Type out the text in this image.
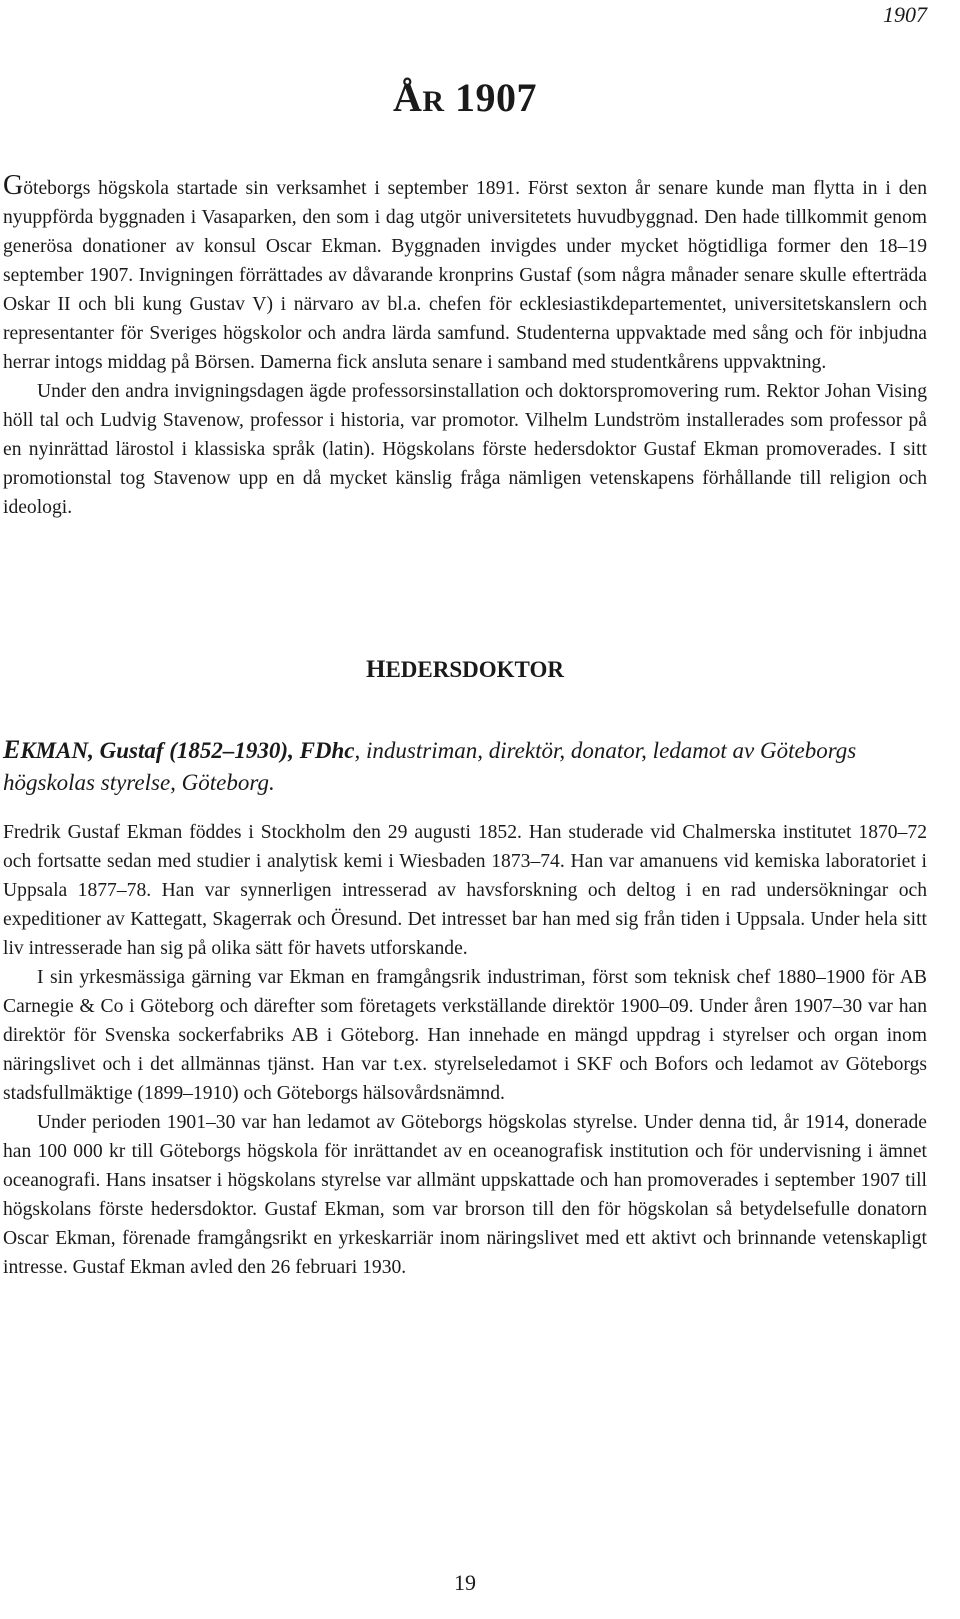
1907
ÅR 1907

Göteborgs högskola startade sin verksamhet i september 1891. Först sexton år senare kunde man flytta in i den nyuppförda byggnaden i Vasaparken, den som i dag utgör universitetets huvudbyggnad. Den hade tillkommit genom generösa donationer av konsul Oscar Ekman. Byggnaden invigdes under mycket högtidliga former den 18–19 september 1907. Invigningen förrättades av dåvarande kronprins Gustaf (som några månader senare skulle efterträda Oskar II och bli kung Gustav V) i närvaro av bl.a. chefen för ecklesiastikdepartementet, universitetskanslern och representanter för Sveriges högskolor och andra lärda samfund. Studenterna uppvaktade med sång och för inbjudna herrar intogs middag på Börsen. Damerna fick ansluta senare i samband med studentkårens uppvaktning.

Under den andra invigningsdagen ägde professorsinstallation och doktorspromovering rum. Rektor Johan Vising höll tal och Ludvig Stavenow, professor i historia, var promotor. Vilhelm Lundström installerades som professor på en nyinrättad lärostol i klassiska språk (latin). Högskolans förste hedersdoktor Gustaf Ekman promoverades. I sitt promotionstal tog Stavenow upp en då mycket känslig fråga nämligen vetenskapens förhållande till religion och ideologi.

HEDERSDOKTOR

EKMAN, Gustaf (1852–1930), FDhc, industriman, direktör, donator, ledamot av Göteborgs högskolas styrelse, Göteborg.

Fredrik Gustaf Ekman föddes i Stockholm den 29 augusti 1852. Han studerade vid Chalmerska institutet 1870–72 och fortsatte sedan med studier i analytisk kemi i Wiesbaden 1873–74. Han var amanuens vid kemiska laboratoriet i Uppsala 1877–78. Han var synnerligen intresserad av havsforskning och deltog i en rad undersökningar och expeditioner av Kattegatt, Skagerrak och Öresund. Det intresset bar han med sig från tiden i Uppsala. Under hela sitt liv intresserade han sig på olika sätt för havets utforskande.

I sin yrkesmässiga gärning var Ekman en framgångsrik industriman, först som teknisk chef 1880–1900 för AB Carnegie & Co i Göteborg och därefter som företagets verkställande direktör 1900–09. Under åren 1907–30 var han direktör för Svenska sockerfabriks AB i Göteborg. Han innehade en mängd uppdrag i styrelser och organ inom näringslivet och i det allmännas tjänst. Han var t.ex. styrelseledamot i SKF och Bofors och ledamot av Göteborgs stadsfullmäktige (1899–1910) och Göteborgs hälsovårdsnämnd.

Under perioden 1901–30 var han ledamot av Göteborgs högskolas styrelse. Under denna tid, år 1914, donerade han 100 000 kr till Göteborgs högskola för inrättandet av en oceanografisk institution och för undervisning i ämnet oceanografi. Hans insatser i högskolans styrelse var allmänt uppskattade och han promoverades i september 1907 till högskolans förste hedersdoktor. Gustaf Ekman, som var brorson till den för högskolan så betydelsefulle donatorn Oscar Ekman, förenade framgångsrikt en yrkeskarriär inom näringslivet med ett aktivt och brinnande vetenskapligt intresse. Gustaf Ekman avled den 26 februari 1930.

19
